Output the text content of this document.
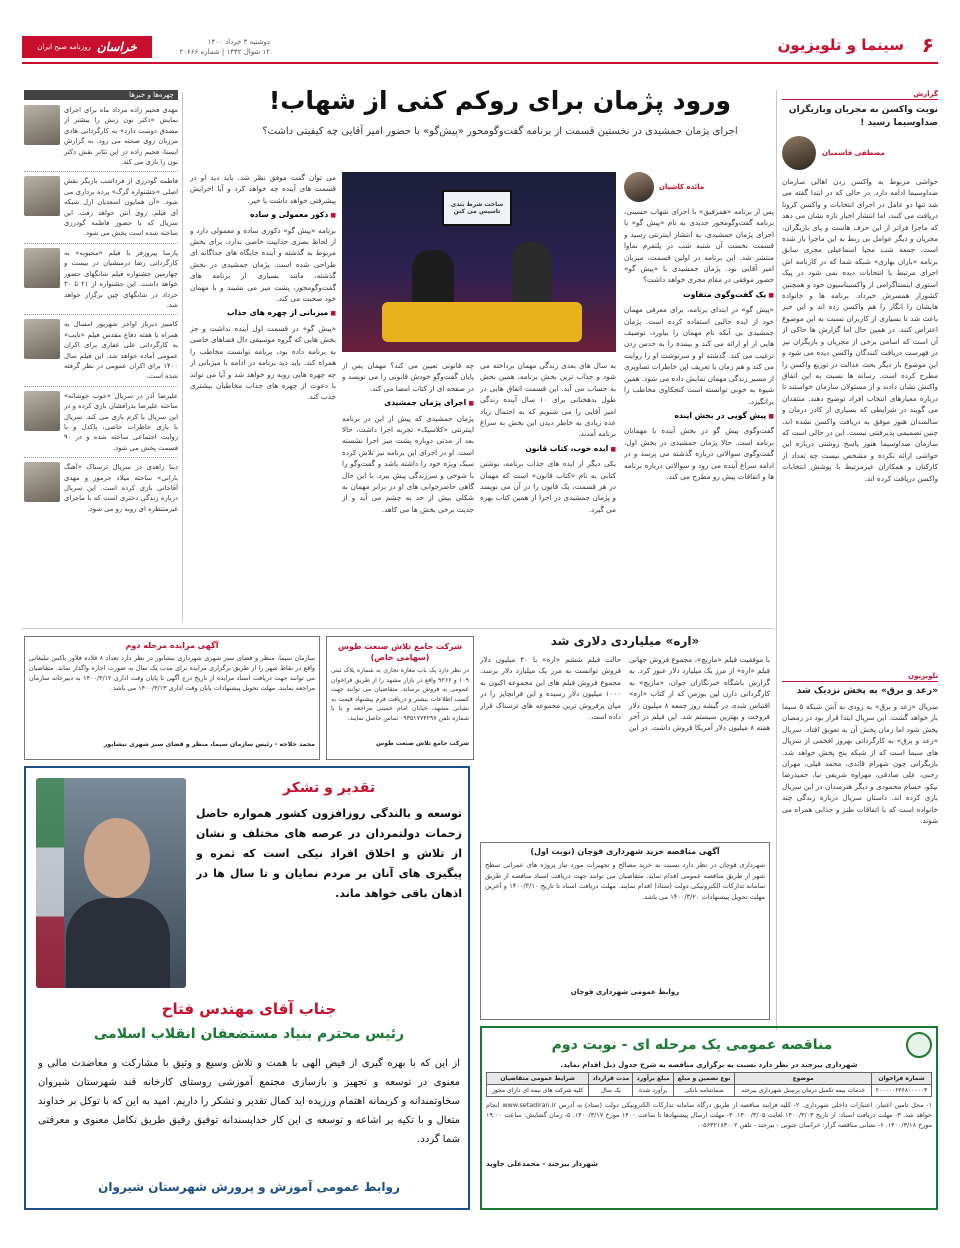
خراسان
روزنامه صبح ایران
دوشنبه ۳ خرداد ۱۴۰۰
۱۲ شوال ۱۴۴۲ | شماره ۲۰۶۶۶	سینما و تلویزیون ۶
گزارش
نوبت واکسن به مجریان وبازیگران صداوسیما رسید !
مصطفی قاسمیان
حواشی مربوط به واکسن زدن اهالی سازمان صداوسیما ادامه دارد. در حالی که در ابتدا گفته می شد تنها دو عامل در اجرای انتخابات و واکسن کرونا دریافت می کنند، اما انتشار اخبار تازه نشان می دهد که ماجرا فراتر از این حرف هاست و پای بازیگران، مجریان و دیگر عوامل بی ربط به این ماجرا باز شده است. جمعه شب محیا اسماعیلی مجری سابق برنامه «باران بهاری» شبکه شما که در کارنامه اش اجرای مرتبط با انتخابات دیده نمی شود در پیک استوری اینستاگرامی از واکسیناسیون خود و همچنین کشوراز همسرش خبرداد. برنامه ها و خانواده هایشان را انگار را هم واکسن زده اند و این خبر باعث شد تا بسیاری از کاربران نسبت به این موضوع اعتراض کنند. در همین حال اما گزارش ها حاکی از آن است که اسامی برخی از مجریان و بازیگران نیز در فهرست دریافت کنندگان واکسن دیده می شود و این موضوع بار دیگر بحث عدالت در توزیع واکسن را مطرح کرده است. رسانه ها نسبت به این اتفاق واکنش نشان دادند و از مسئولان سازمان خواستند تا درباره معیارهای انتخاب افراد توضیح دهند. منتقدان می گویند در شرایطی که بسیاری از کادر درمان و سالمندان هنوز موفق به دریافت واکسن نشده اند، چنین تصمیمی پذیرفتنی نیست. این در حالی است که سازمان صداوسیما هنوز پاسخ روشنی درباره این حواشی ارائه نکرده و مشخص نیست چه تعداد از کارکنان و همکاران غیرمرتبط با پوشش انتخابات واکسن دریافت کرده اند.
تلویزیون
«رعد و برق» به پخش نزدیک شد
سریال «رعد و برق» به زودی به آنتن شبکه ۵ سیما باز خواهد گشت. این سریال ابتدا قرار بود در رمضان پخش شود اما زمان پخش آن به تعویق افتاد. سریال «رعد و برق» به کارگردانی بهروز افخمی از سریال های سیما است که از شبکه پنج پخش خواهد شد. بازیگرانی چون شهرام قائدی، محمد فیلی، مهران رجبی، علی صادقی، مهراوه شریفی نیا، حمیدرضا نیکو، حسام محمودی و دیگر هنرمندان در این سریال بازی کرده اند. داستان سریال درباره زندگی چند خانواده است که با اتفاقات طنز و جذابی همراه می شوند.
ورود پژمان برای روکم کنی از شهاب!
اجرای پژمان جمشیدی در نخستین قسمت از برنامه گفت‌وگومحور «پیش‌گو» با حضور امیر آقایی چه کیفیتی داشت؟
مائده کاشیان

پس از برنامه «همرفیق» با اجرای شهاب حسینی، برنامه گفت‌وگومحور جدیدی به نام «پیش گو» با اجرای پژمان جمشیدی، به انتشار اینترنتی رسید و قسمت نخست آن شنبه شب در پلتفرم نماوا منتشر شد. این برنامه در اولین قسمت، میزبان امیر آقایی بود. پژمان جمشیدی با «پیش گو» حضور موفقی در مقام مجری خواهد داشت؟

■ یک گفت‌وگوی متفاوت

«پیش گو» در ابتدای برنامه، برای معرفی مهمان خود از ایده جالبی استفاده کرده است. پژمان جمشیدی بی آنکه نام مهمان را بیاورد، توصیف هایی از او ارائه می کند و بیننده را به حدس زدن ترغیب می کند. گذشته او و سرنوشت او را روایت می کند و هم زمان با تعریف این خاطرات تصاویری از مسیر زندگی مهمان نمایش داده می شود. همین شیوه به خوبی توانسته است کنجکاوی مخاطب را برانگیزد.

■ پیش گویی در بخش اینده

گفت‌وگوی پیش گو در بخش آینده با مهمانان برنامه است. حالا پژمان جمشیدی در بخش اول، گفت‌وگوی سوالاتی درباره گذشته می پرسد و در ادامه سراغ آینده می رود و سوالاتی درباره برنامه ها و اتفاقات پیش رو مطرح می کند.

ساخت شرط بندی تاسیس می کنن

به سال های بعدی زندگی مهمان برداخته می شود و جذاب ترین بخش برنامه، همین بخش به حساب می آید. این قسمت اتفاق هایی در طول بدهختانی برای ۱۰ سال آینده زندگی امیر آقایی را می شنویم که به احتمال زیاد عده زیادی به خاطر دیدن این بخش به سراغ برنامه آمدند.

■ ایده خوب، کتاب قانون

یکی دیگر از ایده های جذاب برنامه، نوشتن کتابی به نام «کتاب قانون» است که مهمان در هر قسمت، یک قانون را در آن می نویسد و پژمان جمشیدی در اجرا از همین کتاب بهره می گیرد.

چه قانونی تعیین می کند؟ مهمان پس از پایان گفت‌وگو خودش قانونی را می نویسد و در صفحه ای از کتاب امضا می کند.

■ اجرای پژمان جمشیدی

پژمان جمشیدی که پیش از این در برنامه اینترنتی «کلاسیک» تجربه اجرا داشت، حالا بعد از مدتی دوباره پشت میز اجرا نشسته است. او در اجرای این برنامه نیز تلاش کرده سبک ویژه خود را داشته باشد و گفت‌وگو را با شوخی و سرزندگی پیش ببرد. با این حال گاهی حاضرجوابی های او در برابر مهمان به شکلی بیش از حد به چشم می آید و از جدیت برخی بخش ها می کاهد.

می توان گفت موفق نظر شد. باید دید او در قسمت های آینده چه خواهد کرد و آیا اجرایش پیشرفتی خواهد داشت یا خیر.

■ دکور معمولی و ساده

برنامه «پیش گو» دکوری ساده و معمولی دارد و از لحاظ بصری جذابیت خاصی ندارد. برای بخش مربوط به گذشته و آینده جایگاه های جداگانه ای طراحی شده است. پژمان جمشیدی در بخش گذشته، مانند بسیاری از برنامه های گفت‌وگومحور، پشت میز می نشیند و با مهمان خود صحبت می کند.

■ میزبانی از چهره های جذاب

«پیش گو» در قسمت اول آینده نداشت و جز بخش هایی که گروه موسیقی دال فضاهای خاصی به برنامه داده بود، برنامه توانست مخاطب را همراه کند. باید دید برنامه در ادامه با میزبانی از چه چهره هایی روبه رو خواهد شد و آیا می تواند با دعوت از چهره های جذاب مخاطبان بیشتری جذب کند.

چهره‌ها و خبرها
مهدی فخیم زاده مرداد ماه برای اجرای نمایش «دکتر نون زنش را بیشتر از مصدق دوست دارد» به کارگردانی هادی مرزبان روی صحنه می رود. به گزارش ایسنا، فخیم زاده در این تئاتر نقش دکتر نون را بازی می کند.
فاطمه گودرزی از فرداشب بازیگر نقش اصلی «جشنواره گرگ» پرده برداری می شود. «آن همایون اسعدیان ازل شبکه آی فیلم، روی آنتن خواهد رفت. این سریال که با حضور فاطمه گودرزی ساخته شده است پخش می شود.
پارسا پیروزفر با فیلم «محبوبه» به کارگردانی رضا درمیشیان در بیست و چهارمین جشنواره فیلم شانگهای حضور خواهد داشت. این جشنواره از ۲۱ تا ۳۰ خرداد در شانگهای چین برگزار خواهد شد.
کامبیز دیرباز اواخر شهریور امسال به همراه با هفته دفاع مقدس فیلم «نایب» به کارگردانی علی غفاری برای اکران عمومی آماده خواهد شد. این فیلم سال ۱۴۰۰ برای اکران عمومی در نظر گرفته شده است.
علیرضا آذر در سریال «خوب خوشانه» ساخته علیرضا بذرافشان بازی کرده و در این سریال با کرم بازی می کند. سریال با بازی خاطرات خاصی، پاکدل و با روایت اجتماعی ساخته شده و در ۹۰ قسمت پخش می شود.
دینا زاهدی در سریال ترسناک «آهنگ بارانی» ساخته میلاد جرموز و مهدی آقاجانی بازی کرده است. این سریال درباره زندگی دختری است که با ماجرای غیرمنتظره ای روبه رو می شود.
«اره» میلیاردی دلاری شد
با موفقیت فیلم «ماریچ»، مجموع فروش جهانی فیلم «اره» از مرز یک میلیارد دلار عبور کرد. به گزارش باشگاه خبرنگاران جوان، «ماریچ» به کارگردانی دارن لین بوزمن که از کتاب «اره» اقتباس شده، در گیشه روز جمعه ۸ میلیون دلار فروخت و بهترین سیستم شد. این فیلم در آخر هفته ۸ میلیون دلار آمریکا فروش داشت. در این حالت فیلم ششم «اره» با ۴۰ میلیون دلار فروش توانست به مرز یک میلیارد دلار برسد. مجموع فروش فیلم های این مجموعه اکنون به ۱۰۰۰ میلیون دلار رسیده و این فرانچایز را در میان پرفروش ترین مجموعه های ترسناک قرار داده است.
آگهی مزایده مرحله دوم
سازمان سیما، منظر و فضای سبز شهری شهرداری نیشابور در نظر دارد تعداد ۸ قلاده فلاور باکس تبلیغاتی واقع در نقاط شهر را از طریق برگزاری مزایده برای مدت یک سال به صورت اجاره واگذار نماید. متقاضیان می توانند جهت دریافت اسناد مزایده از تاریخ درج آگهی تا پایان وقت اداری ۱۴۰۰/۳/۱۲ به دبیرخانه سازمان مراجعه نمایند. مهلت تحویل پیشنهادات پایان وقت اداری ۱۴۰۰/۳/۱۳ می باشد.
محمد خلاجه - رئیس سازمان سیما، منظر و فضای سبز شهری نیشابور
شرکت جامع تلاش صنعت طوس (سهامی خاص)
در نظر دارد یک باب مغازه تجاری به شماره پلاک ثبتی ۱۰۹ و ۹۲۶۶ واقع در بازار مشهد را از طریق فراخوان عمومی به فروش برساند. متقاضیان می توانند جهت کسب اطلاعات بیشتر و دریافت فرم پیشنهاد قیمت به نشانی مشهد، خیابان امام خمینی مراجعه و یا با شماره تلفن ۰۹۳۵۱۷۷۴۲۹۷ تماس حاصل نمایند.
شرکت جامع تلاش صنعت طوس
تقدیر و تشکر
توسعه و بالندگی روزافزون کشور همواره حاصل زحمات دولتمردان در عرصه های مختلف و نشان از تلاش و اخلاق افراد نیکی است که ثمره و پیگیری های آنان بر مردم نمایان و تا سال ها در اذهان باقی خواهد ماند.
جناب آقای مهندس فتاح
رئیس محترم بنیاد مستضعفان انقلاب اسلامی
از این که با بهره گیری از فیض الهی با همت و تلاش وسیع و وثیق با مشارکت و معاضدت مالی و معنوی در توسعه و تجهیز و بازسازی مجتمع آموزشی روستای کارخانه قند شهرستان شیروان سخاوتمندانه و کریمانه اهتمام ورزیده اید کمال تقدیر و تشکر را داریم. امید به این که با توکل بر خداوند متعال و با تکیه بر اشاعه و توسعه ی این کار خداپسندانه توفیق رفیق طریق تکامل معنوی و معرفتی شما گردد.
روابط عمومی آموزش و پرورش شهرستان شیروان
آگهی مناقصه خرید شهرداری قوچان (نوبت اول)
شهرداری قوچان در نظر دارد نسبت به خرید مصالح و تجهیزات مورد نیاز پروژه های عمرانی سطح شهر از طریق مناقصه عمومی اقدام نماید. متقاضیان می توانند جهت دریافت اسناد مناقصه از طریق سامانه تدارکات الکترونیکی دولت (ستاد) اقدام نمایند. مهلت دریافت اسناد تا تاریخ ۱۴۰۰/۳/۱۰ و آخرین مهلت تحویل پیشنهادات ۱۴۰۰/۳/۲۰ می باشد.
روابط عمومی شهرداری قوچان
مناقصه عمومی یک مرحله ای - نوبت دوم
شهرداری بیرجند در نظر دارد نسبت به برگزاری مناقصه به شرح جدول ذیل اقدام نماید.
شماره فراخوان	موضوع	نوع تضمین و مبلغ	مبلغ برآورد	مدت قرارداد	شرایط عمومی متقاضیان
۲۰۰۰۰۰۶۳۶۸۰۰۰۰۰۴	خدمات بیمه تکمیل درمان پرسنل شهرداری بیرجند	ضمانتنامه بانکی	برآورد شده	یک سال	کلیه شرکت های بیمه ای دارای مجوز
۱- محل تامین اعتبار: اعتبارات داخلی شهرداری. ۲- کلیه فرایند مناقصه از طریق درگاه سامانه تدارکات الکترونیکی دولت (ستاد) به آدرس www.setadiran.ir انجام خواهد شد. ۳- مهلت دریافت اسناد: از تاریخ ۱۴۰۰/۳/۰۳ لغایت ۱۴۰۰/۳/۰۵. ۴- مهلت ارسال پیشنهادها تا ساعت ۱۴۰۰ مورخ ۱۴۰۰/۳/۱۷. ۵- زمان گشایش: ساعت ۱۹:۰۰ مورخ ۱۴۰۰/۳/۱۸. ۶- نشانی مناقصه گزار: خراسان جنوبی - بیرجند - تلفن ۰۵۶۳۲۱۸۳۰۰۲.
شهردار بیرجند - محمدعلی جاوید
